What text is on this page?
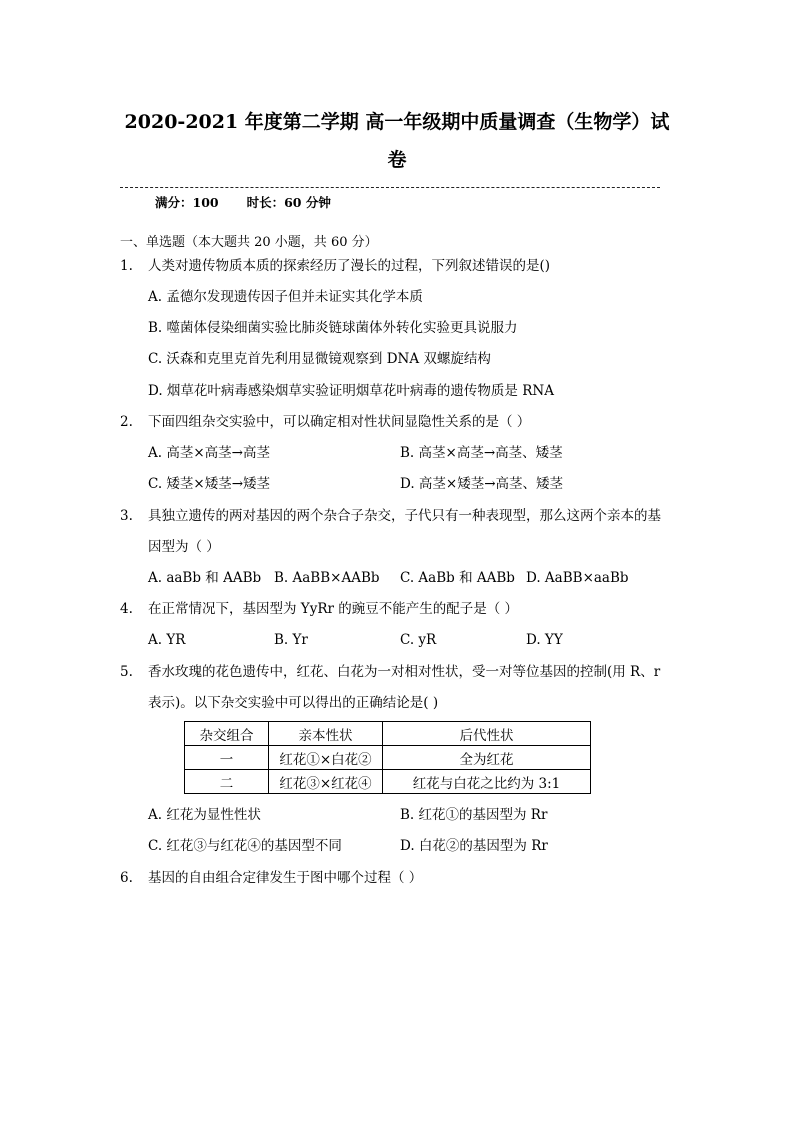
2020-2021 年度第二学期 高一年级期中质量调查（生物学）试
卷
满分：100 时长：60 分钟
一、单选题（本大题共 20 小题，共 60 分）
1. 人类对遗传物质本质的探索经历了漫长的过程，下列叙述错误的是()
A. 孟德尔发现遗传因子但并未证实其化学本质
B. 噬菌体侵染细菌实验比肺炎链球菌体外转化实验更具说服力
C. 沃森和克里克首先利用显微镜观察到 DNA 双螺旋结构
D. 烟草花叶病毒感染烟草实验证明烟草花叶病毒的遗传物质是 RNA
2. 下面四组杂交实验中，可以确定相对性状间显隐性关系的是（ ）
A. 高茎×高茎→高茎	B. 高茎×高茎→高茎、矮茎
C. 矮茎×矮茎→矮茎	D. 高茎×矮茎→高茎、矮茎
3. 具独立遗传的两对基因的两个杂合子杂交，子代只有一种表现型，那么这两个亲本的基
因型为（ ）
A. aaBb 和 AABb B. AaBB×AABb C. AaBb 和 AABb D. AaBB×aaBb
4. 在正常情况下，基因型为 YyRr 的豌豆不能产生的配子是（ ）
A. YR	B. Yr	C. yR	D. YY
5. 香水玫瑰的花色遗传中，红花、白花为一对相对性状，受一对等位基因的控制(用 R、r
表示)。以下杂交实验中可以得出的正确结论是( )
杂交组合	亲本性状	后代性状
一	红花①×白花②	全为红花
二	红花③×红花④	红花与白花之比约为 3:1
A. 红花为显性性状	B. 红花①的基因型为 Rr
C. 红花③与红花④的基因型不同	D. 白花②的基因型为 Rr
6. 基因的自由组合定律发生于图中哪个过程（ ）
